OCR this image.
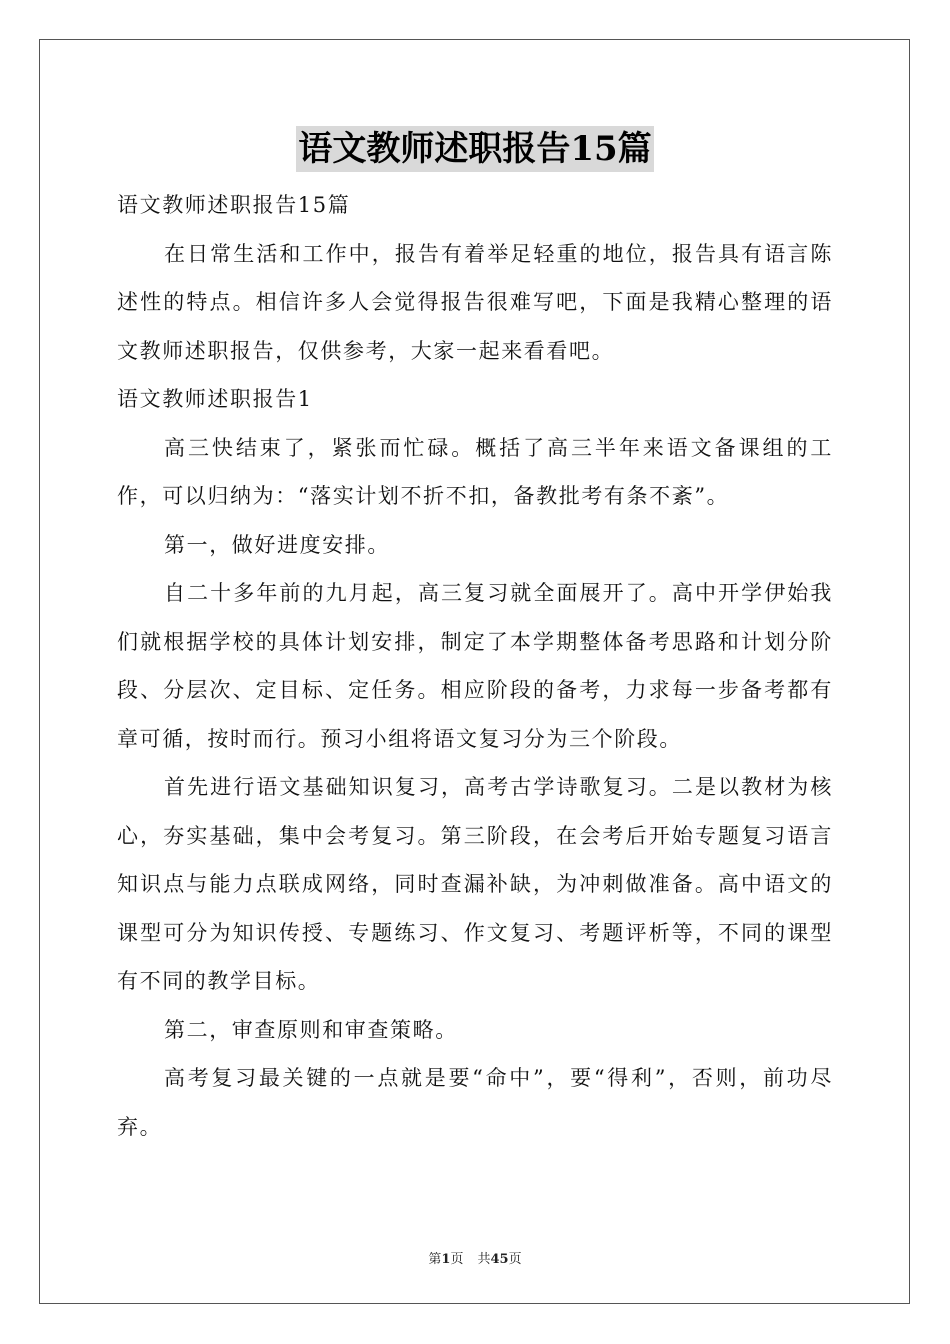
语文教师述职报告15篇

语文教师述职报告15篇

在日常生活和工作中，报告有着举足轻重的地位，报告具有语言陈述性的特点。相信许多人会觉得报告很难写吧，下面是我精心整理的语文教师述职报告，仅供参考，大家一起来看看吧。

语文教师述职报告1

高三快结束了，紧张而忙碌。概括了高三半年来语文备课组的工作，可以归纳为：“落实计划不折不扣，备教批考有条不紊”。

第一，做好进度安排。

自二十多年前的九月起，高三复习就全面展开了。高中开学伊始我们就根据学校的具体计划安排，制定了本学期整体备考思路和计划分阶段、分层次、定目标、定任务。相应阶段的备考，力求每一步备考都有章可循，按时而行。预习小组将语文复习分为三个阶段。

首先进行语文基础知识复习，高考古学诗歌复习。二是以教材为核心，夯实基础，集中会考复习。第三阶段，在会考后开始专题复习语言知识点与能力点联成网络，同时查漏补缺，为冲刺做准备。高中语文的课型可分为知识传授、专题练习、作文复习、考题评析等，不同的课型有不同的教学目标。

第二，审查原则和审查策略。

高考复习最关键的一点就是要“命中”，要“得利”，否则，前功尽弃。

第1页 共45页
